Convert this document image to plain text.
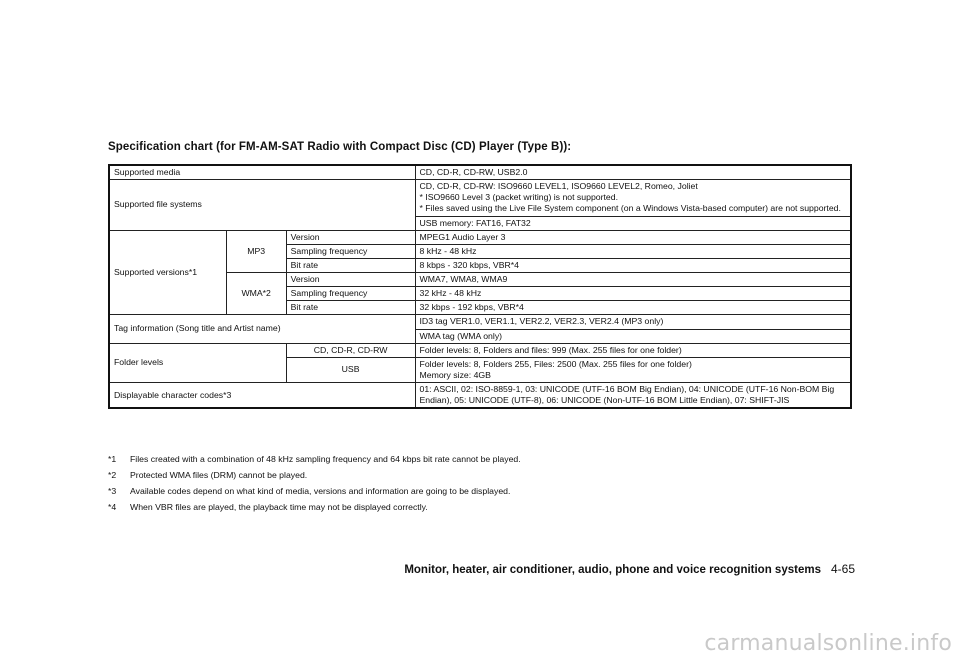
Specification chart (for FM-AM-SAT Radio with Compact Disc (CD) Player (Type B)):
Supported media			CD, CD-R, CD-RW, USB2.0
Supported file systems			CD, CD-R, CD-RW: ISO9660 LEVEL1, ISO9660 LEVEL2, Romeo, Joliet
* ISO9660 Level 3 (packet writing) is not supported.
* Files saved using the Live File System component (on a Windows Vista-based computer) are not supported.

			USB memory: FAT16, FAT32
Supported versions*1	MP3	Version	MPEG1 Audio Layer 3
		Sampling frequency	8 kHz - 48 kHz
		Bit rate	8 kbps - 320 kbps, VBR*4
	WMA*2	Version	WMA7, WMA8, WMA9
		Sampling frequency	32 kHz - 48 kHz
		Bit rate	32 kbps - 192 kbps, VBR*4
Tag information (Song title and Artist name)			ID3 tag VER1.0, VER1.1, VER2.2, VER2.3, VER2.4 (MP3 only)
			WMA tag (WMA only)
Folder levels		CD, CD-R, CD-RW	Folder levels: 8, Folders and files: 999 (Max. 255 files for one folder)
		USB	Folder levels: 8, Folders 255, Files: 2500 (Max. 255 files for one folder)
Memory size: 4GB

Displayable character codes*3			01: ASCII, 02: ISO-8859-1, 03: UNICODE (UTF-16 BOM Big Endian), 04: UNICODE (UTF-16 Non-BOM Big Endian), 05: UNICODE (UTF-8), 06: UNICODE (Non-UTF-16 BOM Little Endian), 07: SHIFT-JIS
*1	Files created with a combination of 48 kHz sampling frequency and 64 kbps bit rate cannot be played.
*2	Protected WMA files (DRM) cannot be played.
*3	Available codes depend on what kind of media, versions and information are going to be displayed.
*4	When VBR files are played, the playback time may not be displayed correctly.
Monitor, heater, air conditioner, audio, phone and voice recognition systems 4-65
carmanualsonline.info
